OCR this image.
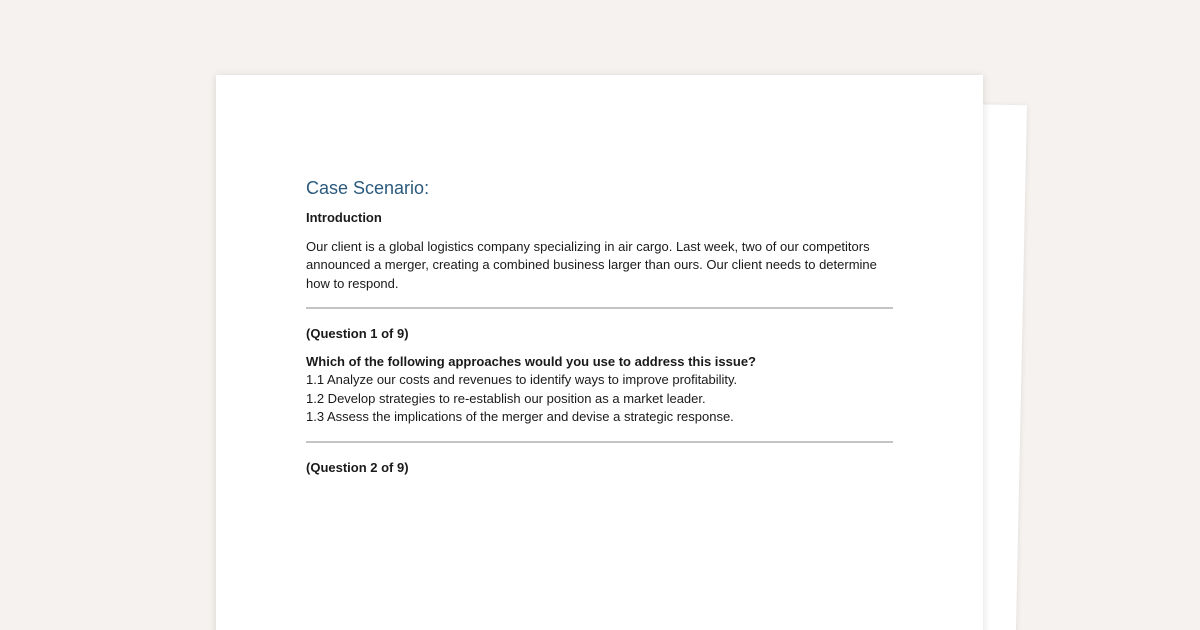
Case Scenario:
Introduction

Our client is a global logistics company specializing in air cargo. Last week, two of our competitors announced a merger, creating a combined business larger than ours. Our client needs to determine how to respond.

(Question 1 of 9)
Which of the following approaches would you use to address this issue?
1.1 Analyze our costs and revenues to identify ways to improve profitability.
1.2 Develop strategies to re-establish our position as a market leader.
1.3 Assess the implications of the merger and devise a strategic response.
(Question 2 of 9)
